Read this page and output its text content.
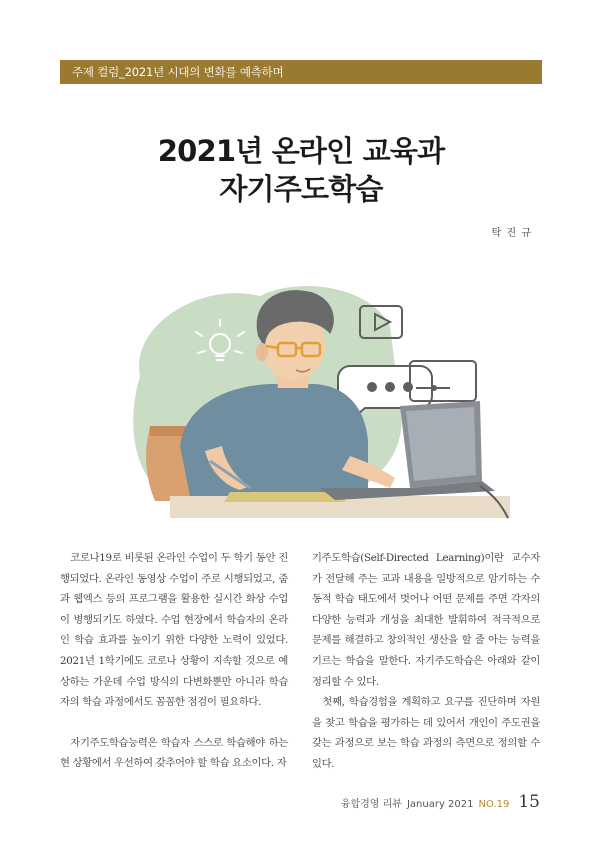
주제 컬럼_2021년 시대의 변화를 예측하며
2021년 온라인 교육과
자기주도학습
탁 진 규

코로나19로 비롯된 온라인 수업이 두 학기 동안 진행되었다. 온라인 동영상 수업이 주로 시행되었고, 줌과 웹엑스 등의 프로그램을 활용한 실시간 화상 수업이 병행되기도 하였다. 수업 현장에서 학습자의 온라인 학습 효과를 높이기 위한 다양한 노력이 있었다. 2021년 1학기에도 코로나 상황이 지속할 것으로 예상하는 가운데 수업 방식의 다변화뿐만 아니라 학습자의 학습 과정에서도 꼼꼼한 점검이 필요하다.

자기주도학습능력은 학습자 스스로 학습해야 하는 현 상황에서 우선하여 갖추어야 할 학습 요소이다. 자

기주도학습(Self-Directed Learning)이란 교수자가 전달해 주는 교과 내용을 일방적으로 암기하는 수동적 학습 태도에서 벗어나 어떤 문제를 주면 각자의 다양한 능력과 개성을 최대한 발휘하여 적극적으로 문제를 해결하고 창의적인 생산을 할 줄 아는 능력을 기르는 학습을 말한다. 자기주도학습은 아래와 같이 정리할 수 있다.

첫째, 학습경험을 계획하고 요구를 진단하며 자원을 찾고 학습을 평가하는 데 있어서 개인이 주도권을 갖는 과정으로 보는 학습 과정의 측면으로 정의할 수 있다.

융합경영 리뷰 January 2021 NO.19 15
